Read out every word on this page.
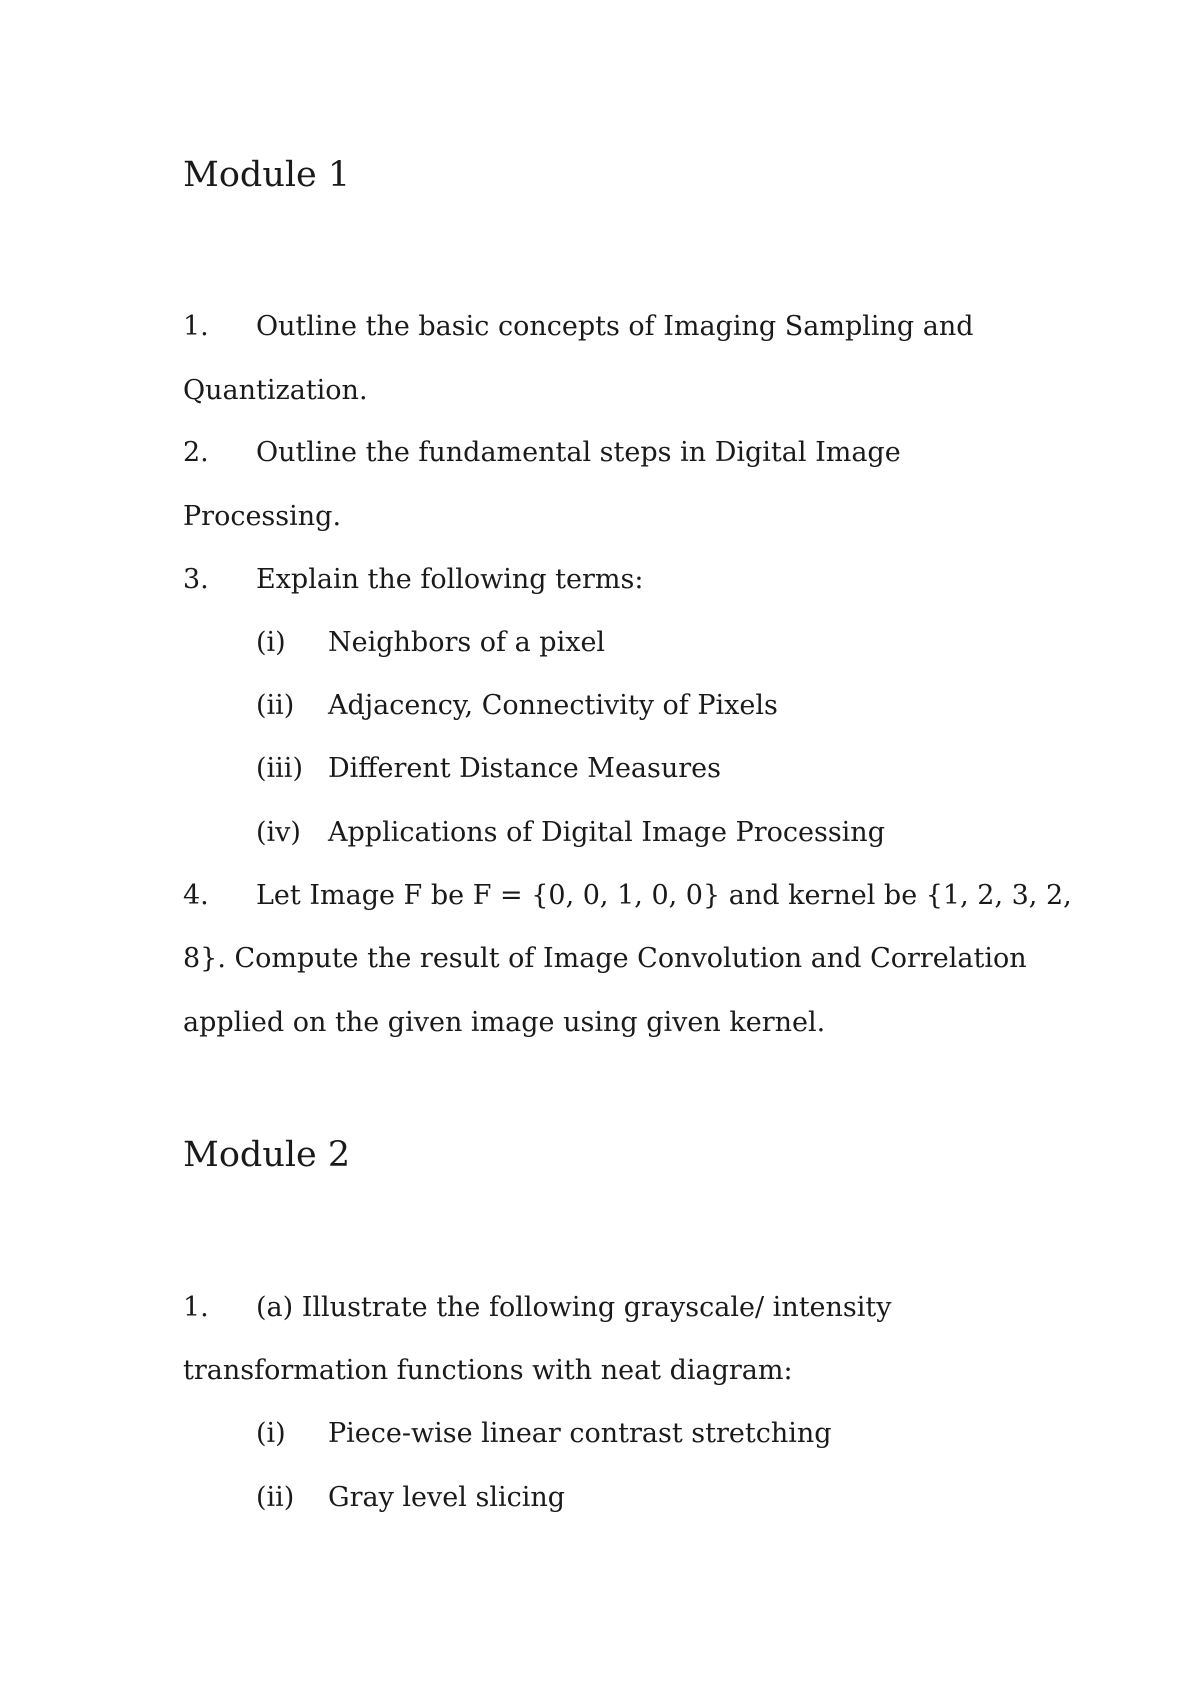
Module 1
1. Outline the basic concepts of Imaging Sampling and
Quantization.
2. Outline the fundamental steps in Digital Image
Processing.
3. Explain the following terms:
(i) Neighbors of a pixel
(ii) Adjacency, Connectivity of Pixels
(iii) Different Distance Measures
(iv) Applications of Digital Image Processing
4. Let Image F be F = {0, 0, 1, 0, 0} and kernel be {1, 2, 3, 2,
8}. Compute the result of Image Convolution and Correlation
applied on the given image using given kernel.
Module 2
1. (a) Illustrate the following grayscale/ intensity
transformation functions with neat diagram:
(i) Piece-wise linear contrast stretching
(ii) Gray level slicing
